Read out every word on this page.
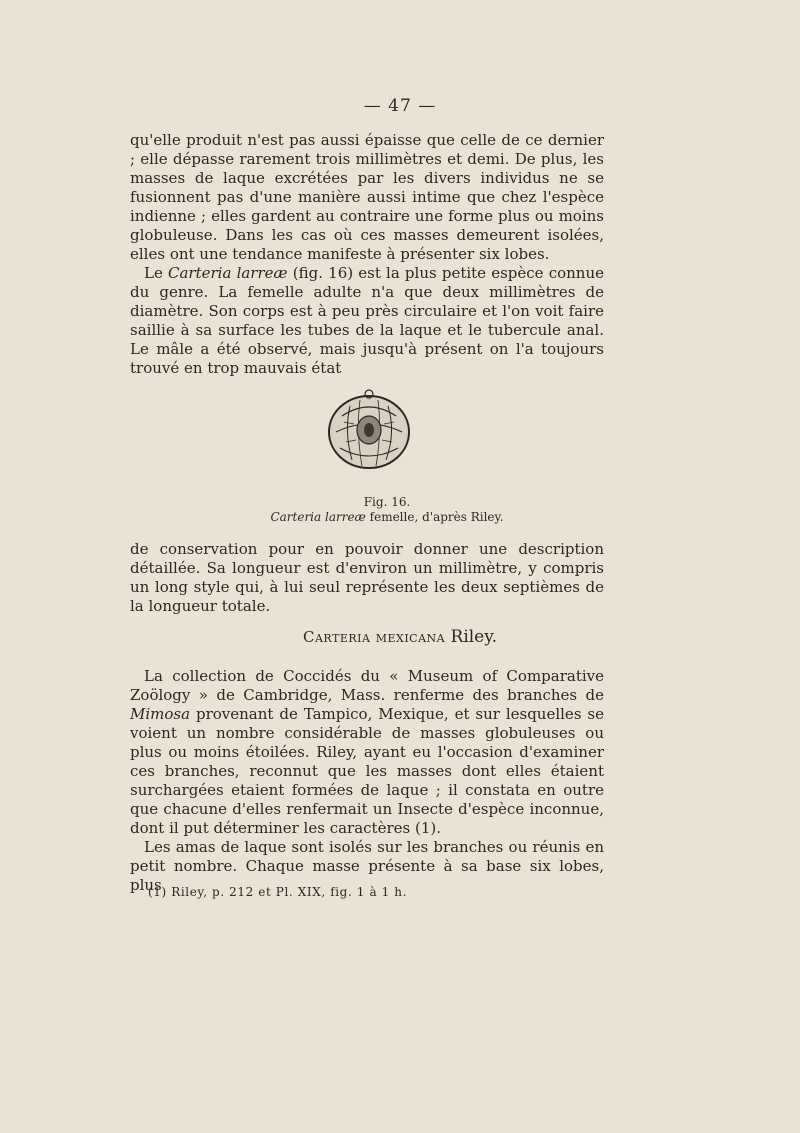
— 47 —

qu'elle produit n'est pas aussi épaisse que celle de ce dernier ; elle dépasse rarement trois millimètres et demi. De plus, les masses de laque excrétées par les divers individus ne se fusionnent pas d'une manière aussi intime que chez l'espèce indienne ; elles gardent au contraire une forme plus ou moins globuleuse. Dans les cas où ces masses demeurent isolées, elles ont une tendance manifeste à présenter six lobes.

Le Carteria larreæ (fig. 16) est la plus petite espèce connue du genre. La femelle adulte n'a que deux millimètres de diamètre. Son corps est à peu près circulaire et l'on voit faire saillie à sa surface les tubes de la laque et le tubercule anal. Le mâle a été observé, mais jusqu'à présent on l'a toujours trouvé en trop mauvais état

Fig. 16.
Carteria larreæ femelle, d'après Riley.

de conservation pour en pouvoir donner une description détaillée. Sa longueur est d'environ un millimètre, y compris un long style qui, à lui seul représente les deux septièmes de la longueur totale.

Carteria mexicana Riley.

La collection de Coccidés du « Museum of Comparative Zoölogy » de Cambridge, Mass. renferme des branches de Mimosa provenant de Tampico, Mexique, et sur lesquelles se voient un nombre considérable de masses globuleuses ou plus ou moins étoilées. Riley, ayant eu l'occasion d'examiner ces branches, reconnut que les masses dont elles étaient surchargées etaient formées de laque ; il constata en outre que chacune d'elles renfermait un Insecte d'espèce inconnue, dont il put déterminer les caractères (1).

Les amas de laque sont isolés sur les branches ou réunis en petit nombre. Chaque masse présente à sa base six lobes, plus

(1) Riley, p. 212 et Pl. XIX, fig. 1 à 1 h.
